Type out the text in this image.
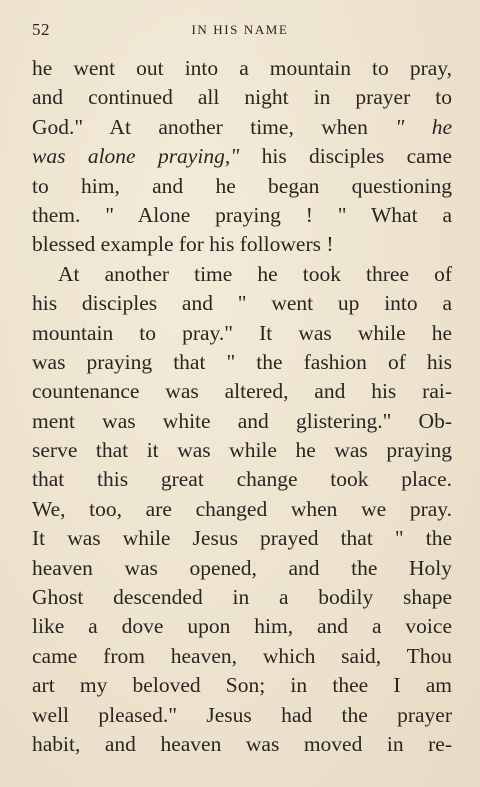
52	IN HIS NAME
he went out into a mountain to pray,
and continued all night in prayer to
God." At another time, when " he
was alone praying," his disciples came
to him, and he began questioning
them. " Alone praying ! " What a
blessed example for his followers !
At another time he took three of
his disciples and " went up into a
mountain to pray." It was while he
was praying that " the fashion of his
countenance was altered, and his rai-
ment was white and glistering." Ob-
serve that it was while he was praying
that this great change took place.
We, too, are changed when we pray.
It was while Jesus prayed that " the
heaven was opened, and the Holy
Ghost descended in a bodily shape
like a dove upon him, and a voice
came from heaven, which said, Thou
art my beloved Son; in thee I am
well pleased." Jesus had the prayer
habit, and heaven was moved in re-
